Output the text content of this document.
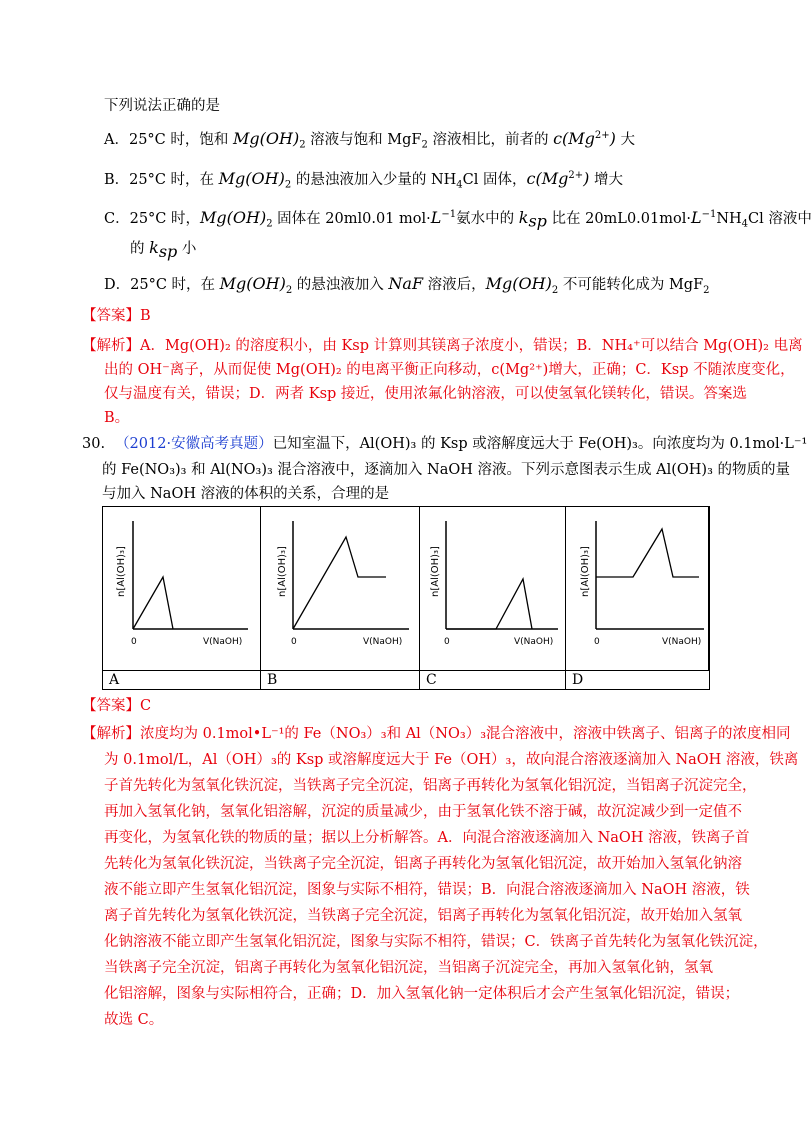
下列说法正确的是
A．25°C 时，饱和 $Mg(OH)_2$ 溶液与饱和 MgF$_2$ 溶液相比，前者的 $c(Mg^{2+})$ 大
B．25°C 时，在 $Mg(OH)_2$ 的悬浊液加入少量的 $NH_4Cl$ 固体，$c(Mg^{2+})$ 增大
C．25°C 时，$Mg(OH)_2$ 固体在 20ml0.01 $mol\cdot L^{-1}$氨水中的 $k_{sp}$ 比在 $20mL0.01mol\cdot L^{-1}NH_4Cl$ 溶液中
的 $k_{sp}$ 小
D．25°C 时，在 $Mg(OH)_2$ 的悬浊液加入 NaF 溶液后，$Mg(OH)_2$ 不可能转化成为 MgF$_2$
【答案】B
【解析】A．Mg(OH)₂ 的溶度积小，由 Ksp 计算则其镁离子浓度小，错误；B．NH₄⁺可以结合 Mg(OH)₂ 电离
出的 OH⁻离子，从而促使 Mg(OH)₂ 的电离平衡正向移动，c(Mg²⁺)增大，正确；C．Ksp 不随浓度变化，
仅与温度有关，错误；D．两者 Ksp 接近，使用浓氟化钠溶液，可以使氢氧化镁转化，错误。答案选
B。
30. （2012·安徽高考真题）已知室温下，Al(OH)₃ 的 Ksp 或溶解度远大于 Fe(OH)₃。向浓度均为 0.1mol·L⁻¹
的 Fe(NO₃)₃ 和 Al(NO₃)₃ 混合溶液中，逐滴加入 NaOH 溶液。下列示意图表示生成 Al(OH)₃ 的物质的量
与加入 NaOH 溶液的体积的关系，合理的是
n[Al(OH)₃]
0	V(NaOH)
n[Al(OH)₃]
0	V(NaOH)
n[Al(OH)₃]
0	V(NaOH)
n[Al(OH)₃]
0	V(NaOH)
A	B	C	D
【答案】C
【解析】浓度均为 0.1mol•L⁻¹的 Fe（NO₃）₃和 Al（NO₃）₃混合溶液中，溶液中铁离子、铝离子的浓度相同
为 0.1mol/L，Al（OH）₃的 Ksp 或溶解度远大于 Fe（OH）₃，故向混合溶液逐滴加入 NaOH 溶液，铁离
子首先转化为氢氧化铁沉淀，当铁离子完全沉淀，铝离子再转化为氢氧化铝沉淀，当铝离子沉淀完全，
再加入氢氧化钠，氢氧化铝溶解，沉淀的质量减少，由于氢氧化铁不溶于碱，故沉淀减少到一定值不
再变化，为氢氧化铁的物质的量；据以上分析解答。A．向混合溶液逐滴加入 NaOH 溶液，铁离子首
先转化为氢氧化铁沉淀，当铁离子完全沉淀，铝离子再转化为氢氧化铝沉淀，故开始加入氢氧化钠溶
液不能立即产生氢氧化铝沉淀，图象与实际不相符，错误；B．向混合溶液逐滴加入 NaOH 溶液，铁
离子首先转化为氢氧化铁沉淀，当铁离子完全沉淀，铝离子再转化为氢氧化铝沉淀，故开始加入氢氧
化钠溶液不能立即产生氢氧化铝沉淀，图象与实际不相符，错误；C．铁离子首先转化为氢氧化铁沉淀，
当铁离子完全沉淀，铝离子再转化为氢氧化铝沉淀，当铝离子沉淀完全，再加入氢氧化钠，氢氧
化铝溶解，图象与实际相符合，正确；D．加入氢氧化钠一定体积后才会产生氢氧化铝沉淀，错误；
故选 C。
